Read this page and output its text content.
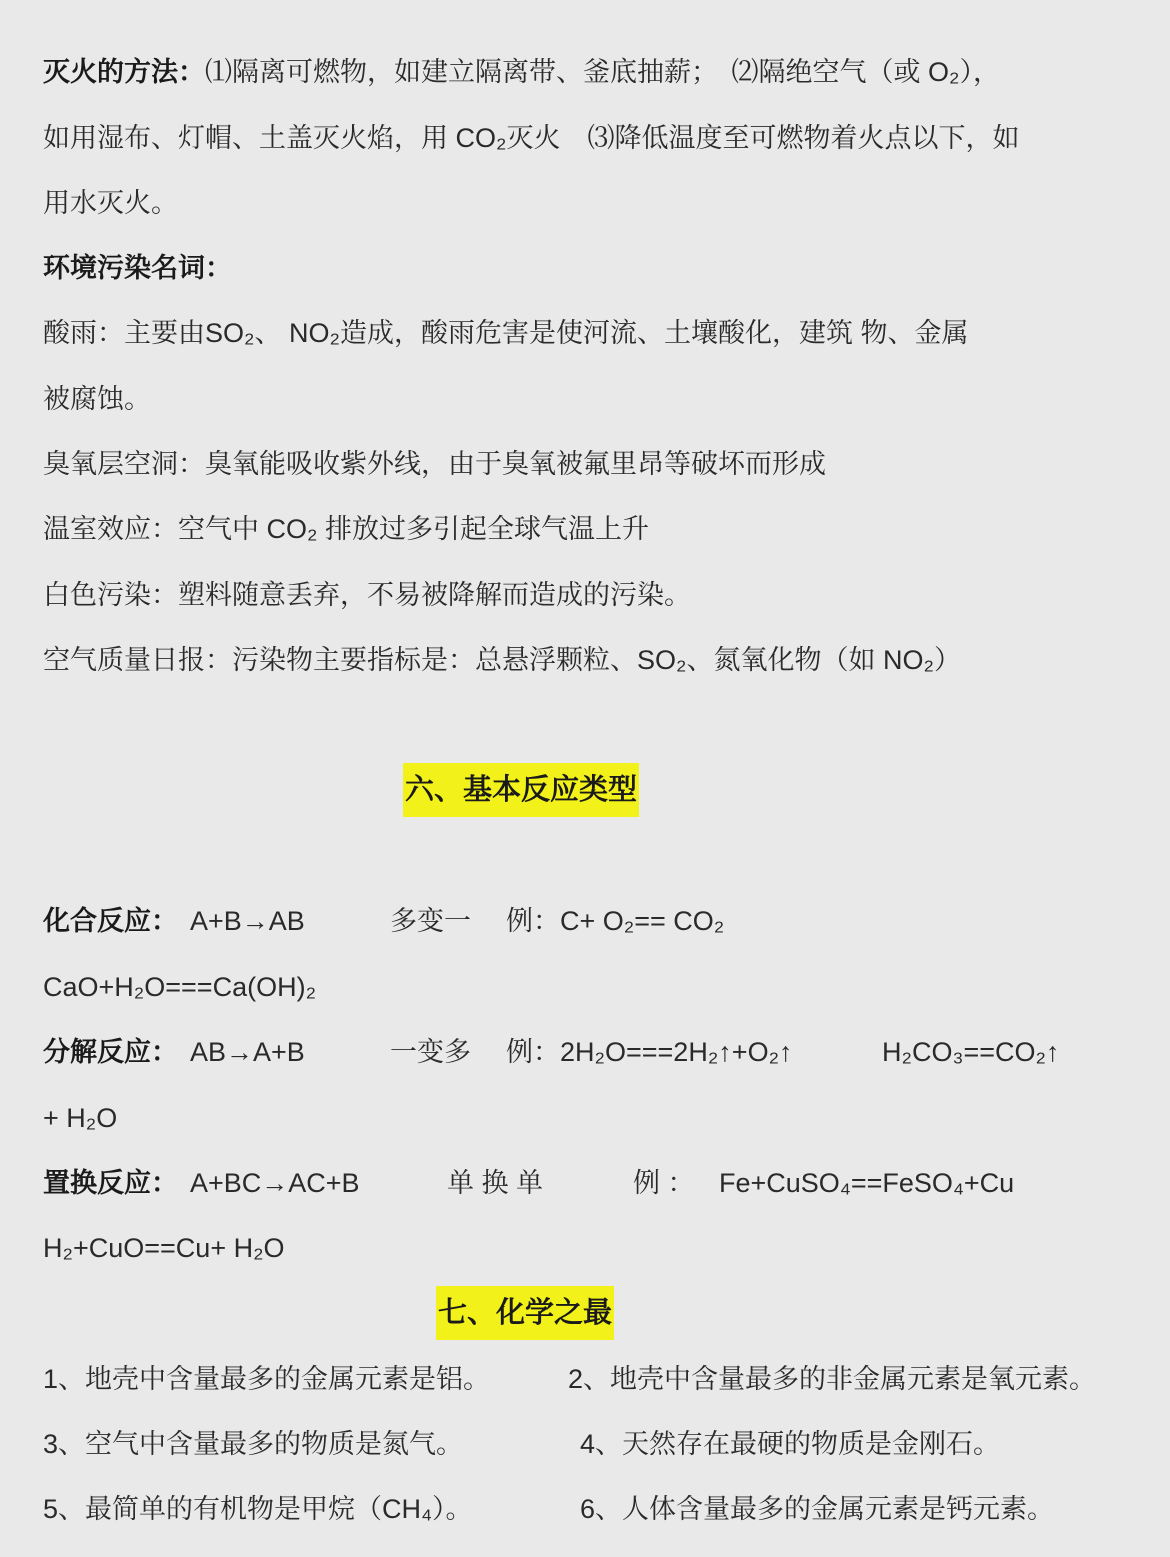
灭火的方法：⑴隔离可燃物，如建立隔离带、釜底抽薪；　⑵隔绝空气（或 O₂），
如用湿布、灯帽、土盖灭火焰，用 CO₂灭火　⑶降低温度至可燃物着火点以下，如
用水灭火。
环境污染名词：
酸雨：主要由SO₂、 NO₂造成，酸雨危害是使河流、土壤酸化，建筑 物、金属
被腐蚀。
臭氧层空洞：臭氧能吸收紫外线，由于臭氧被氟里昂等破坏而形成
温室效应：空气中 CO₂ 排放过多引起全球气温上升
白色污染：塑料随意丢弃，不易被降解而造成的污染。
空气质量日报：污染物主要指标是：总悬浮颗粒、SO₂、氮氧化物（如 NO₂）
六、基本反应类型
化合反应： A+B→AB	多变一 例：C+ O₂== CO₂
CaO+H₂O===Ca(OH)₂
分解反应： AB→A+B	一变多 例：2H₂O===2H₂↑+O₂↑	H₂CO₃==CO₂↑
+ H₂O
置换反应： A+BC→AC+B	单 换 单	例 ： Fe+CuSO₄==FeSO₄+Cu
H₂+CuO==Cu+ H₂O
七、化学之最
1、地壳中含量最多的金属元素是铝。	2、地壳中含量最多的非金属元素是氧元素。
3、空气中含量最多的物质是氮气。	4、天然存在最硬的物质是金刚石。
5、最简单的有机物是甲烷（CH₄）。	6、人体含量最多的金属元素是钙元素。
